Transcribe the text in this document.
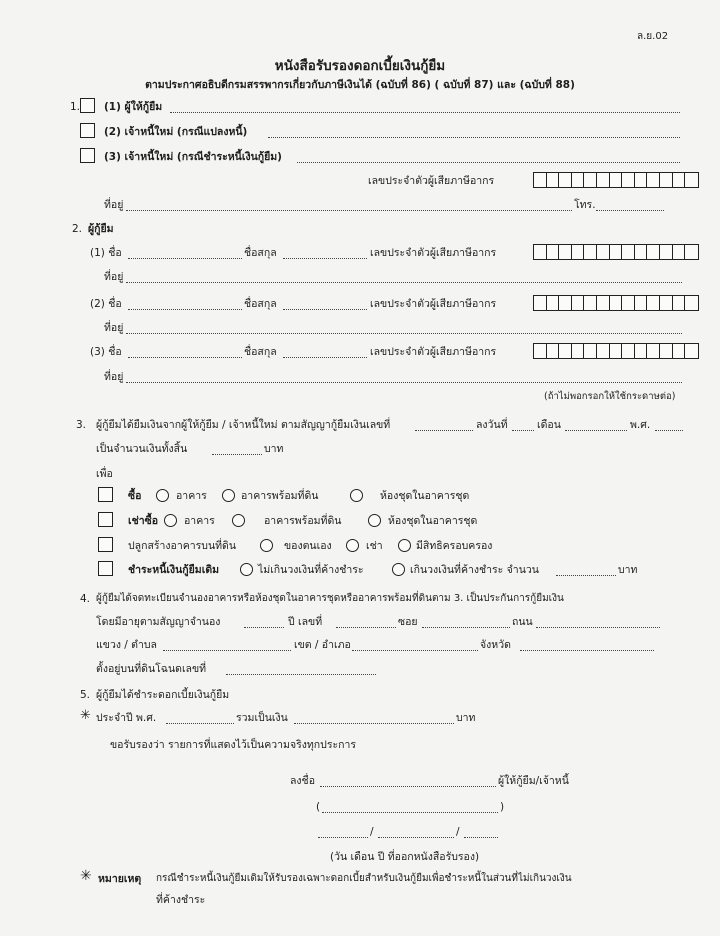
ล.ย.02
หนังสือรับรองดอกเบี้ยเงินกู้ยืม
ตามประกาศอธิบดีกรมสรรพากรเกี่ยวกับภาษีเงินได้ (ฉบับที่ 86) ( ฉบับที่ 87) และ (ฉบับที่ 88)
1. (1) ผู้ให้กู้ยืม
(2) เจ้าหนี้ใหม่ (กรณีแปลงหนี้)
(3) เจ้าหนี้ใหม่ (กรณีชำระหนี้เงินกู้ยืม)
เลขประจำตัวผู้เสียภาษีอากร
ที่อยู่	โทร.
2. ผู้กู้ยืม
(1) ชื่อ	ชื่อสกุล	เลขประจำตัวผู้เสียภาษีอากร
ที่อยู่
(2) ชื่อ	ชื่อสกุล	เลขประจำตัวผู้เสียภาษีอากร
ที่อยู่
(3) ชื่อ	ชื่อสกุล	เลขประจำตัวผู้เสียภาษีอากร
ที่อยู่
(ถ้าไม่พอกรอกให้ใช้กระดาษต่อ)
3. ผู้กู้ยืมได้ยืมเงินจากผู้ให้กู้ยืม / เจ้าหนี้ใหม่ ตามสัญญากู้ยืมเงินเลขที่	ลงวันที่	เดือน	พ.ศ.
เป็นจำนวนเงินทั้งสิ้น	บาท
เพื่อ
ซื้อ	อาคาร	อาคารพร้อมที่ดิน	ห้องชุดในอาคารชุด
เช่าซื้อ อาคาร	อาคารพร้อมที่ดิน	ห้องชุดในอาคารชุด
ปลูกสร้างอาคารบนที่ดิน	ของตนเอง	เช่า	มีสิทธิครอบครอง
ชำระหนี้เงินกู้ยืมเดิม	ไม่เกินวงเงินที่ค้างชำระ	เกินวงเงินที่ค้างชำระ จำนวน	บาท
4. ผู้กู้ยืมได้จดทะเบียนจำนองอาคารหรือห้องชุดในอาคารชุดหรืออาคารพร้อมที่ดินตาม 3. เป็นประกันการกู้ยืมเงิน
โดยมีอายุตามสัญญาจำนอง	ปี เลขที่	ซอย	ถนน
แขวง / ตำบล	เขต / อำเภอ	จังหวัด
ตั้งอยู่บนที่ดินโฉนดเลขที่
5. ผู้กู้ยืมได้ชำระดอกเบี้ยเงินกู้ยืม
✳ ประจำปี พ.ศ.	รวมเป็นเงิน	บาท
ขอรับรองว่า รายการที่แสดงไว้เป็นความจริงทุกประการ
ลงชื่อ	ผู้ให้กู้ยืม/เจ้าหนี้
(	)
/	/
(วัน เดือน ปี ที่ออกหนังสือรับรอง)
✳ หมายเหตุ กรณีชำระหนี้เงินกู้ยืมเดิมให้รับรองเฉพาะดอกเบี้ยสำหรับเงินกู้ยืมเพื่อชำระหนี้ในส่วนที่ไม่เกินวงเงิน
ที่ค้างชำระ
